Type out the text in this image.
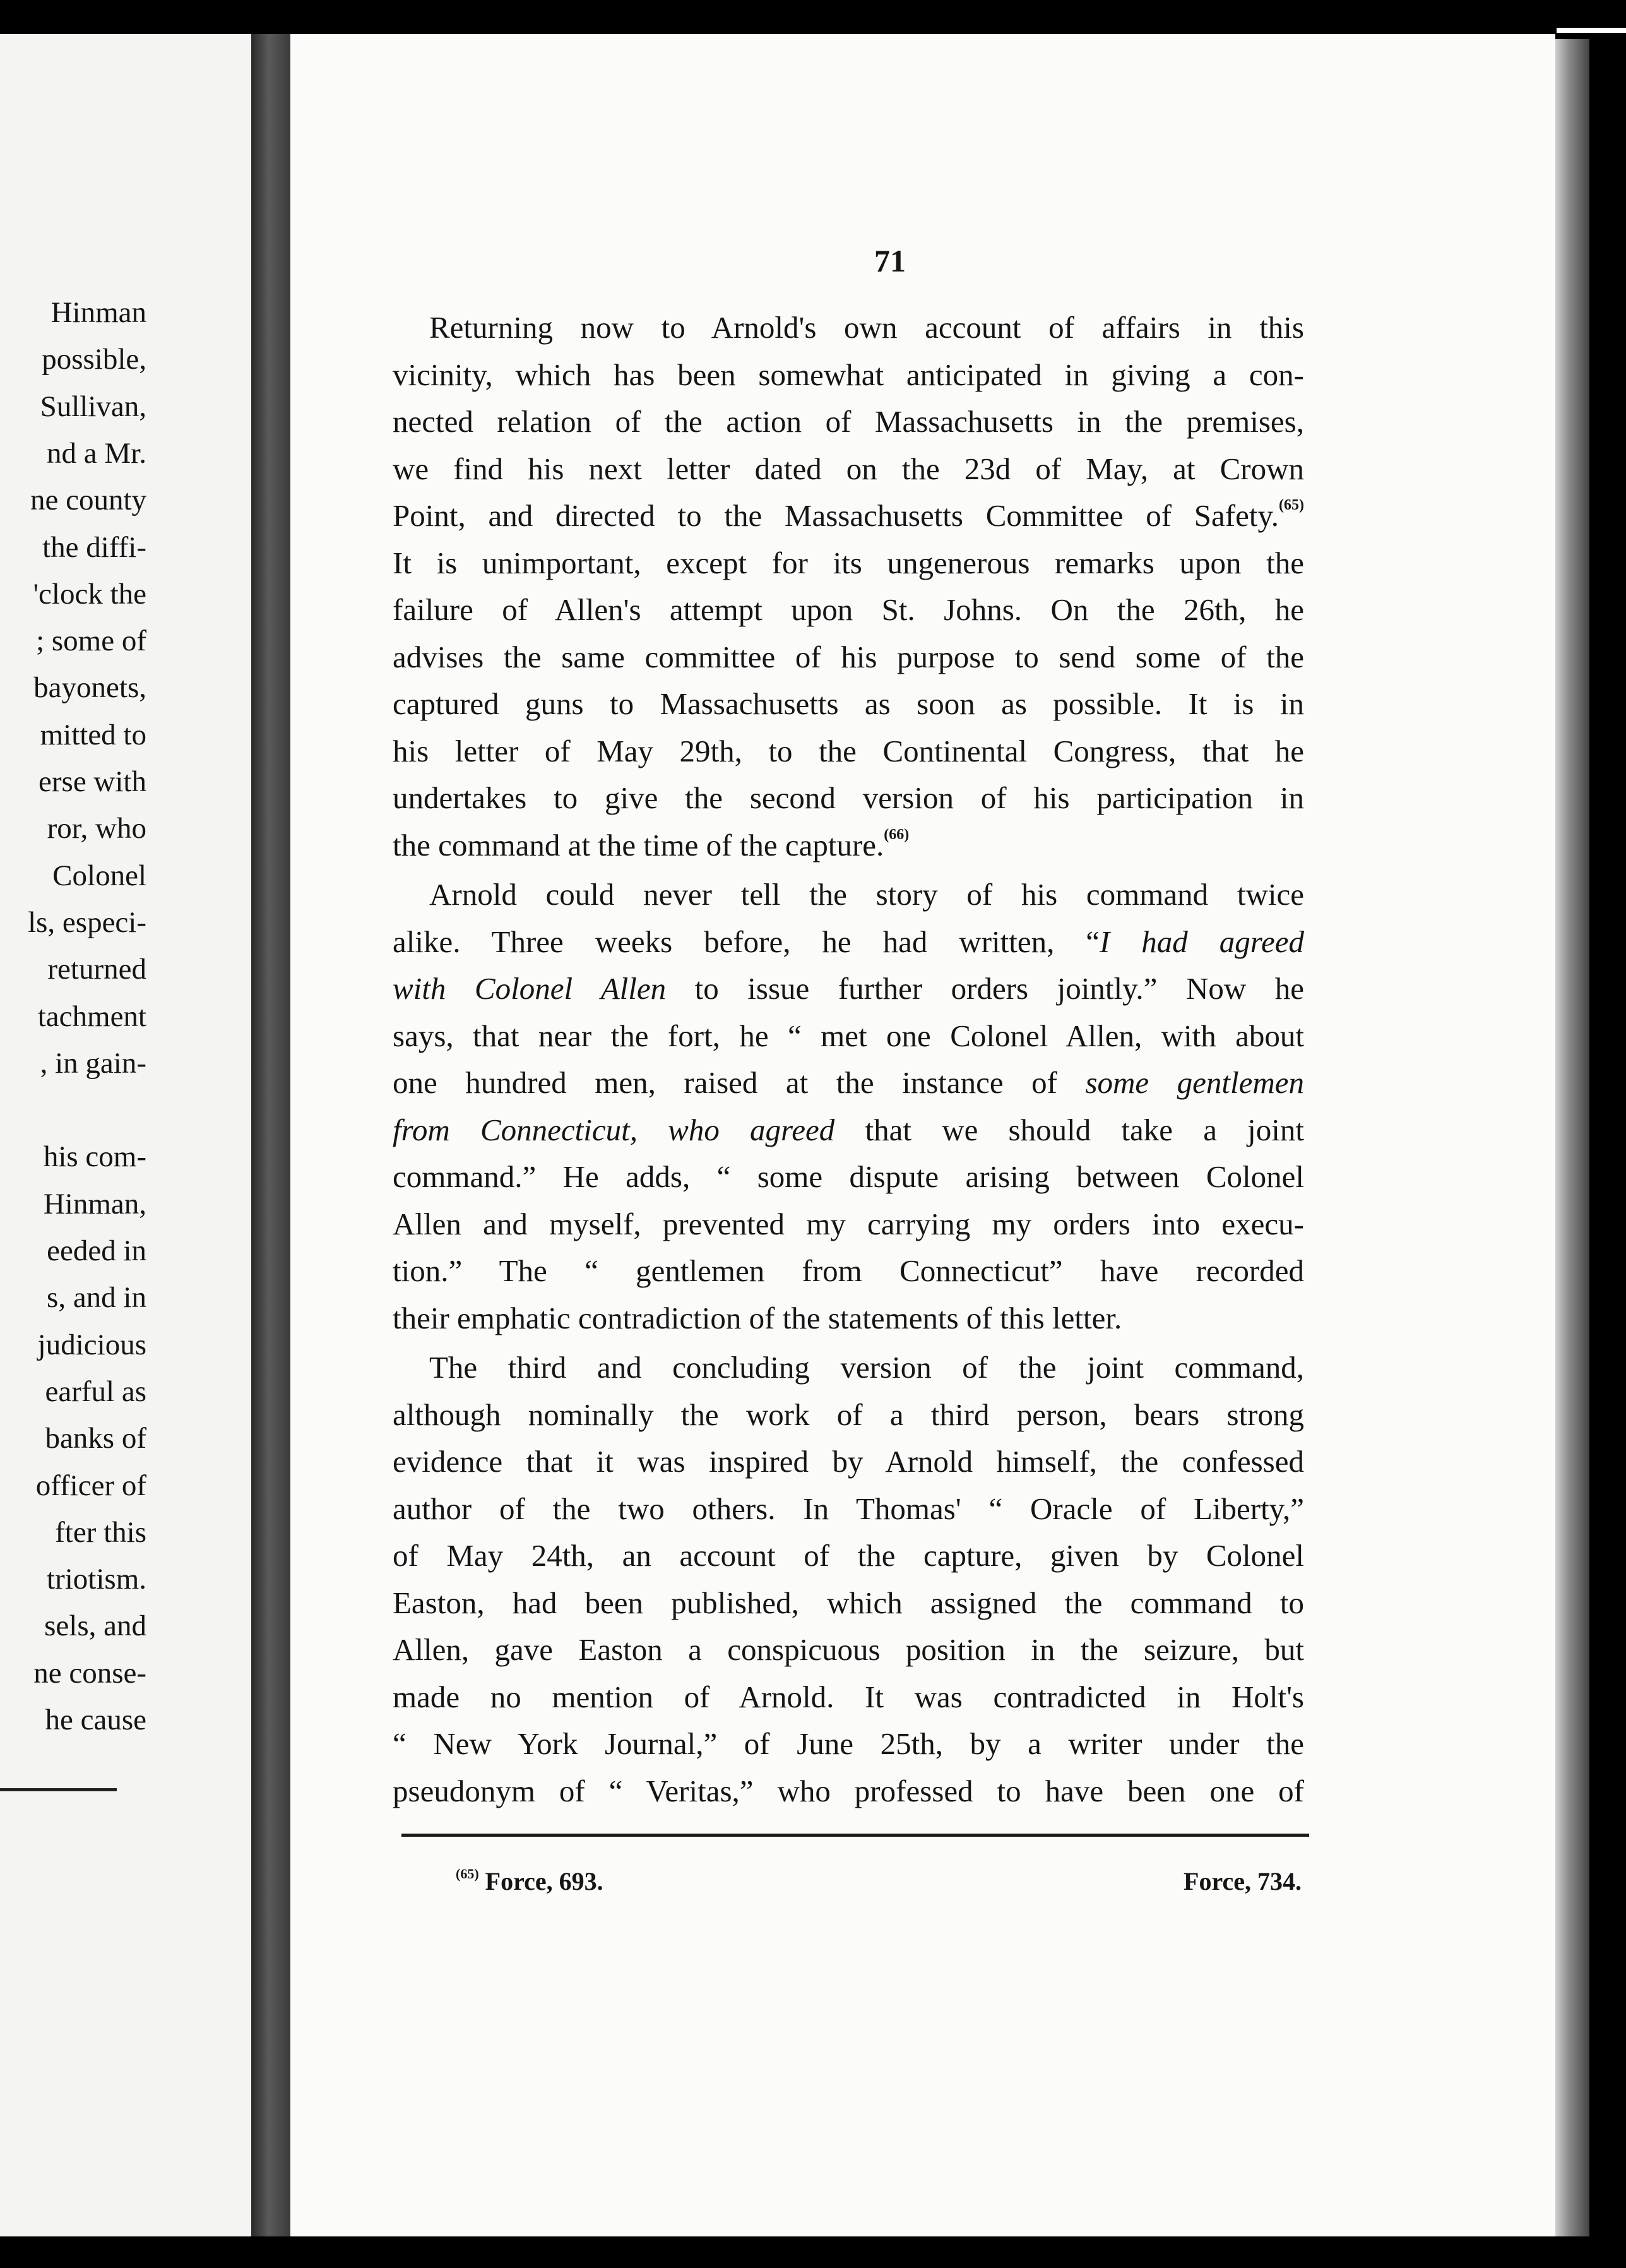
Hinman
possible,
Sullivan,
nd a Mr.
ne county
the diffi-
'clock the
; some of
bayonets,
mitted to
erse with
ror, who
Colonel
ls, especi-
returned
tachment
, in gain-
his com-
Hinman,
eeded in
s, and in
judicious
earful as
banks of
officer of
fter this
triotism.
sels, and
ne conse-
he cause
71
Returning now to Arnold's own account of affairs in this
vicinity, which has been somewhat anticipated in giving a con-
nected relation of the action of Massachusetts in the premises,
we find his next letter dated on the 23d of May, at Crown
Point, and directed to the Massachusetts Committee of Safety.$^{(65)}$
It is unimportant, except for its ungenerous remarks upon the
failure of Allen's attempt upon St. Johns. On the 26th, he
advises the same committee of his purpose to send some of the
captured guns to Massachusetts as soon as possible. It is in
his letter of May 29th, to the Continental Congress, that he
undertakes to give the second version of his participation in
the command at the time of the capture.$^{(66)}$
Arnold could never tell the story of his command twice
alike. Three weeks before, he had written, “I had agreed
with Colonel Allen to issue further orders jointly.” Now he
says, that near the fort, he “ met one Colonel Allen, with about
one hundred men, raised at the instance of some gentlemen
from Connecticut, who agreed that we should take a joint
command.” He adds, “ some dispute arising between Colonel
Allen and myself, prevented my carrying my orders into execu-
tion.” The “ gentlemen from Connecticut” have recorded
their emphatic contradiction of the statements of this letter.
The third and concluding version of the joint command,
although nominally the work of a third person, bears strong
evidence that it was inspired by Arnold himself, the confessed
author of the two others. In Thomas' “ Oracle of Liberty,”
of May 24th, an account of the capture, given by Colonel
Easton, had been published, which assigned the command to
Allen, gave Easton a conspicuous position in the seizure, but
made no mention of Arnold. It was contradicted in Holt's
“ New York Journal,” of June 25th, by a writer under the
pseudonym of “ Veritas,” who professed to have been one of
$^{(65)}$ Force, 693.	Force, 734.
